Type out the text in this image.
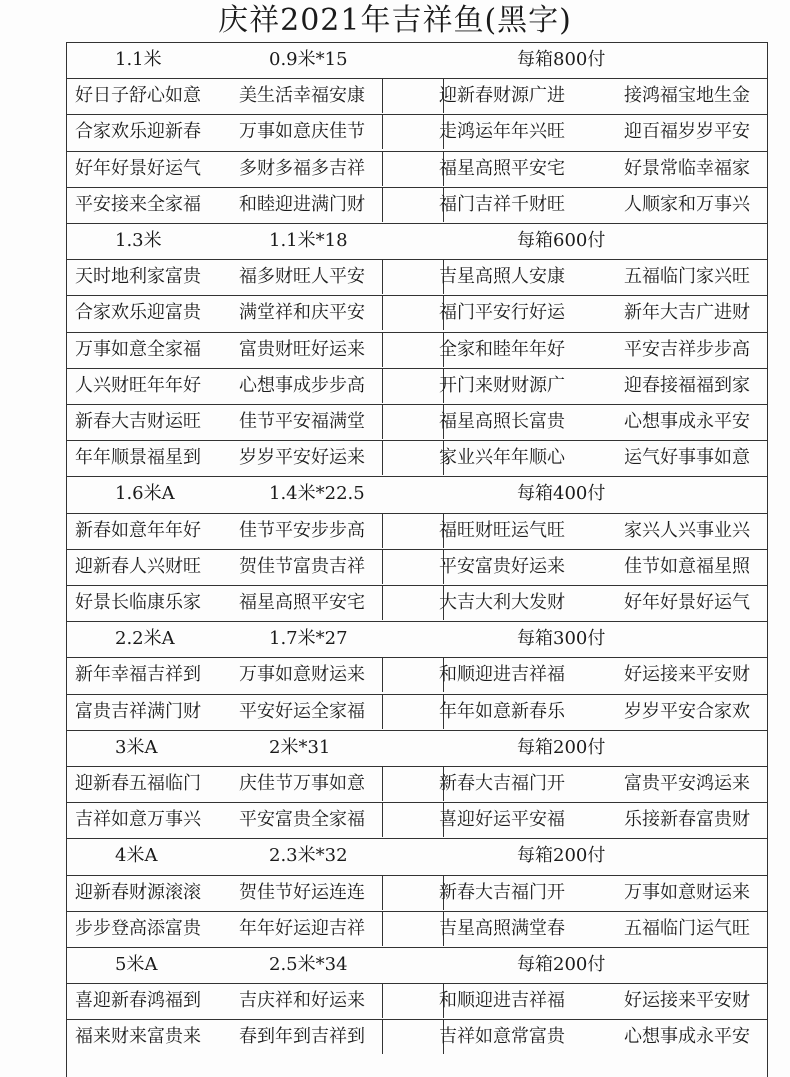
庆祥2021年吉祥鱼(黑字)
1.1米	0.9米*15	每箱800付
好日子舒心如意 美生活幸福安康	迎新春财源广进	接鸿福宝地生金
合家欢乐迎新春 万事如意庆佳节	走鸿运年年兴旺	迎百福岁岁平安
好年好景好运气 多财多福多吉祥	福星高照平安宅	好景常临幸福家
平安接来全家福 和睦迎进满门财	福门吉祥千财旺	人顺家和万事兴
1.3米	1.1米*18	每箱600付
天时地利家富贵 福多财旺人平安	吉星高照人安康	五福临门家兴旺
合家欢乐迎富贵 满堂祥和庆平安	福门平安行好运	新年大吉广进财
万事如意全家福 富贵财旺好运来	全家和睦年年好	平安吉祥步步高
人兴财旺年年好 心想事成步步高	开门来财财源广	迎春接福福到家
新春大吉财运旺 佳节平安福满堂	福星高照长富贵	心想事成永平安
年年顺景福星到 岁岁平安好运来	家业兴年年顺心	运气好事事如意
1.6米A	1.4米*22.5	每箱400付
新春如意年年好 佳节平安步步高	福旺财旺运气旺	家兴人兴事业兴
迎新春人兴财旺 贺佳节富贵吉祥	平安富贵好运来	佳节如意福星照
好景长临康乐家 福星高照平安宅	大吉大利大发财	好年好景好运气
2.2米A	1.7米*27	每箱300付
新年幸福吉祥到 万事如意财运来	和顺迎进吉祥福	好运接来平安财
富贵吉祥满门财 平安好运全家福	年年如意新春乐	岁岁平安合家欢
3米A	2米*31	每箱200付
迎新春五福临门 庆佳节万事如意	新春大吉福门开	富贵平安鸿运来
吉祥如意万事兴 平安富贵全家福	喜迎好运平安福	乐接新春富贵财
4米A	2.3米*32	每箱200付
迎新春财源滚滚 贺佳节好运连连	新春大吉福门开	万事如意财运来
步步登高添富贵 年年好运迎吉祥	吉星高照满堂春	五福临门运气旺
5米A	2.5米*34	每箱200付
喜迎新春鸿福到 吉庆祥和好运来	和顺迎进吉祥福	好运接来平安财
福来财来富贵来 春到年到吉祥到	吉祥如意常富贵	心想事成永平安
